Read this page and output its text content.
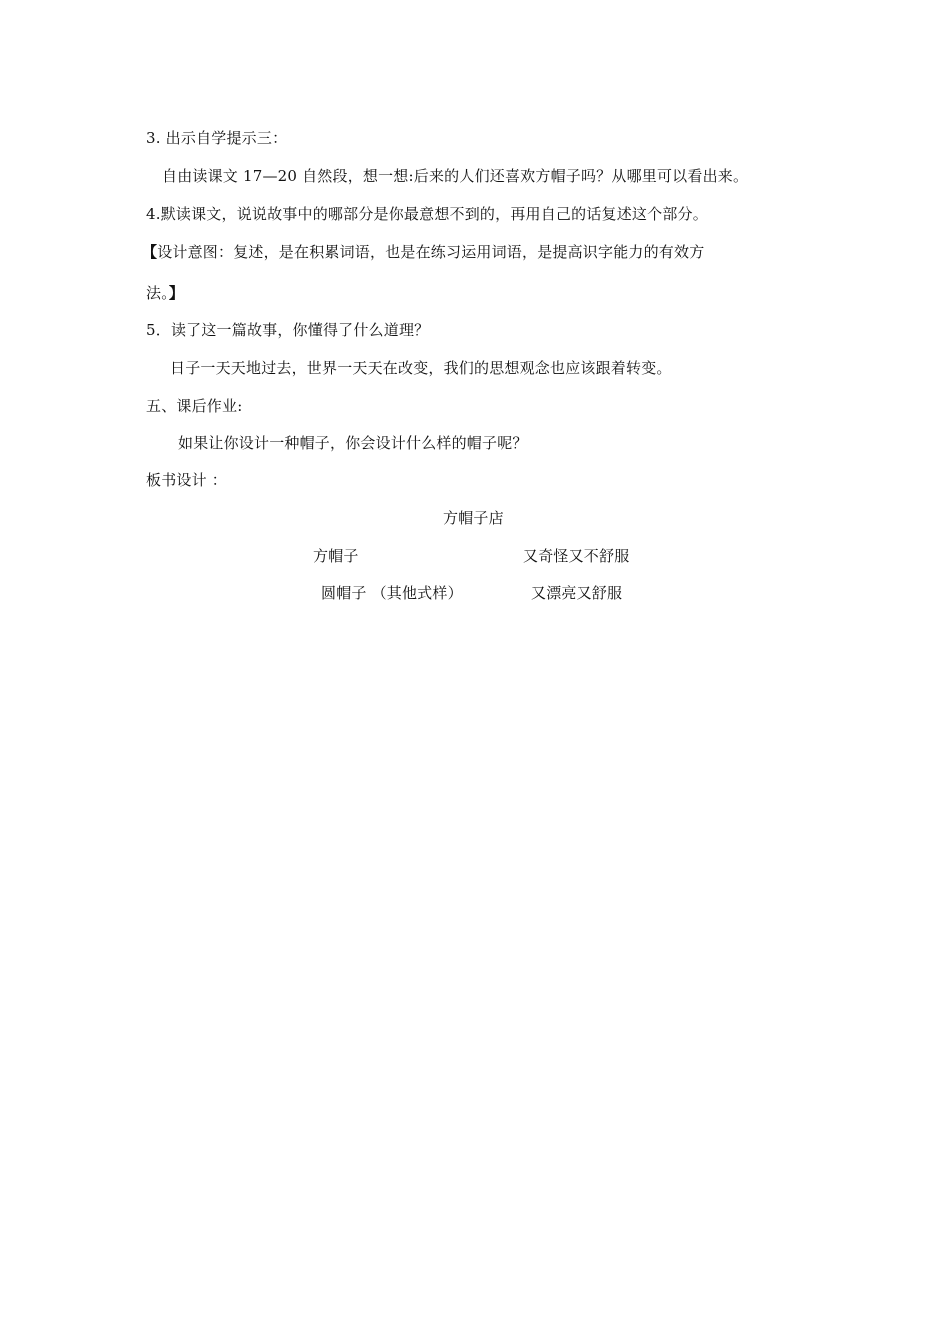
3. 出示自学提示三：
自由读课文 17—20 自然段，想一想:后来的人们还喜欢方帽子吗？从哪里可以看出来。
4.默读课文，说说故事中的哪部分是你最意想不到的，再用自己的话复述这个部分。
【设计意图：复述，是在积累词语，也是在练习运用词语，是提高识字能力的有效方
法。】
5．读了这一篇故事，你懂得了什么道理？
日子一天天地过去，世界一天天在改变，我们的思想观念也应该跟着转变。
五、课后作业:
如果让你设计一种帽子，你会设计什么样的帽子呢？
板书设计 ：
方帽子店
方帽子	又奇怪又不舒服
圆帽子 （其他式样）	又漂亮又舒服
